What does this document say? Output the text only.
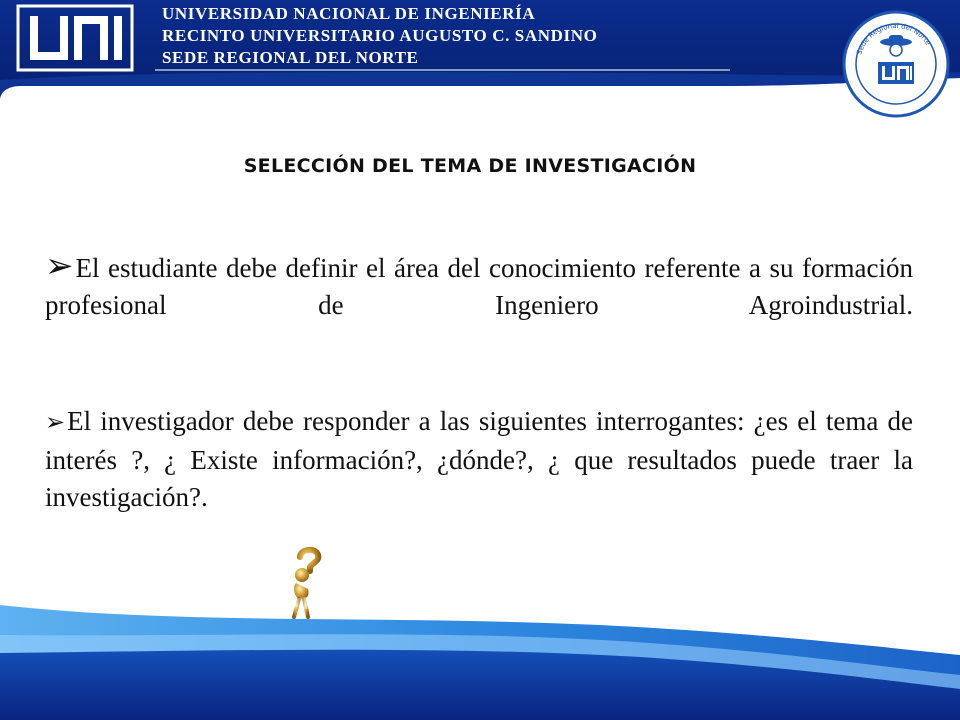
UNIVERSIDAD NACIONAL DE INGENIERÍA
RECINTO UNIVERSITARIO AUGUSTO C. SANDINO
SEDE REGIONAL DEL NORTE	Sede Regional del Norte
SELECCIÓN DEL TEMA DE INVESTIGACIÓN
➢El estudiante debe definir el área del conocimiento referente a su formación profesional de Ingeniero Agroindustrial.
➢El investigador debe responder a las siguientes interrogantes: ¿es el tema de interés ?, ¿ Existe información?, ¿dónde?, ¿ que resultados puede traer la investigación?.
